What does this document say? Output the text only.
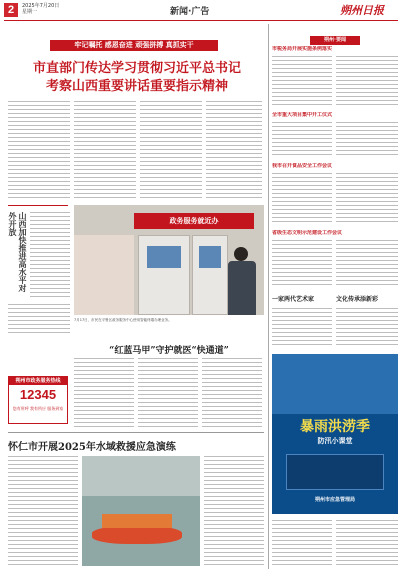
2	2025年7月20日
星期一	新闻·广告	朔州日报
牢记嘱托 感恩奋进 顽强拼搏 真抓实干
市直部门传达学习贯彻习近平总书记
考察山西重要讲话重要指示精神
山西加快推进高水平对外开放	政务服务就近办
7月17日，市民在平鲁区政务服务中心使用智能终端办理业务。
“红蓝马甲”守护就医“快通道”
朔州市政务服务热线
12345
您有所呼 我有所应 服务到家
怀仁市开展2025年水域救援应急演练
朔州·要闻
市税务局开展实施条例落实
全市重大项目集中开工仪式
我市召开食品安全工作会议
省级生态文明示范建设工作会议
一家两代艺术家	文化传承添新彩
暴雨洪涝季
防汛小课堂
朔州市应急管理局
